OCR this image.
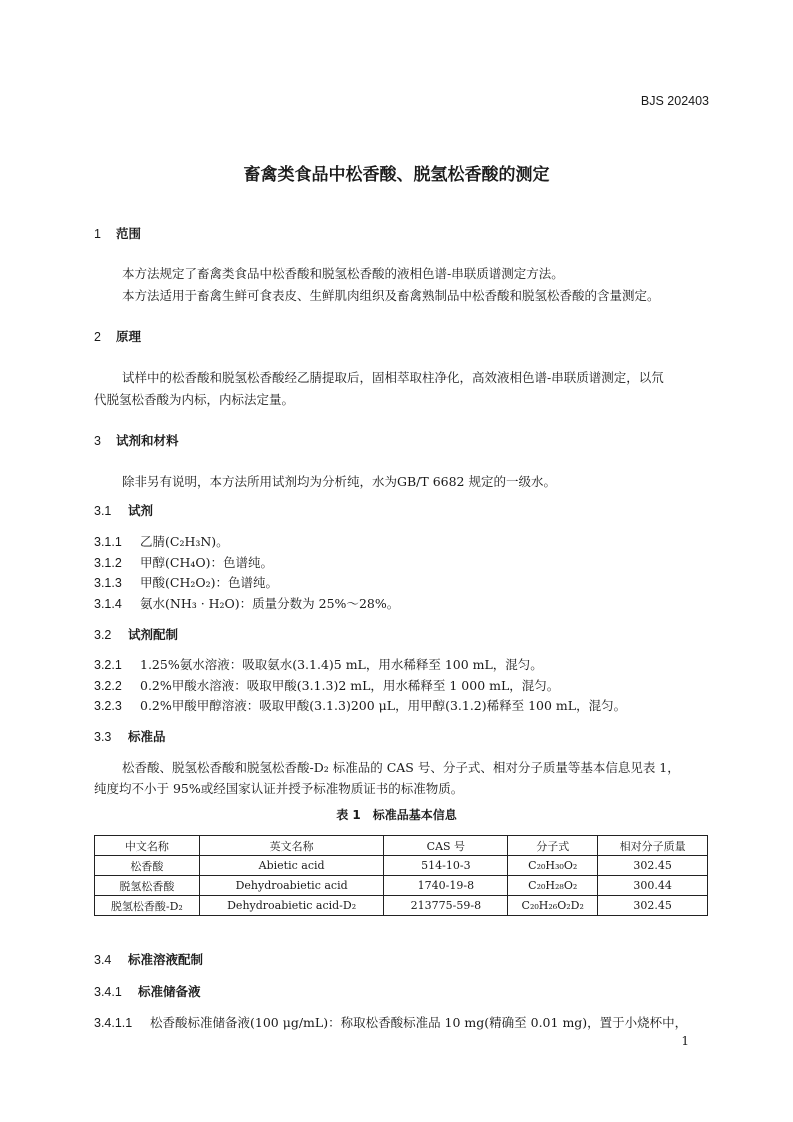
BJS 202403
畜禽类食品中松香酸、脱氢松香酸的测定
1 范围
本方法规定了畜禽类食品中松香酸和脱氢松香酸的液相色谱-串联质谱测定方法。
本方法适用于畜禽生鲜可食表皮、生鲜肌肉组织及畜禽熟制品中松香酸和脱氢松香酸的含量测定。
2 原理
试样中的松香酸和脱氢松香酸经乙腈提取后，固相萃取柱净化，高效液相色谱-串联质谱测定，以氘
代脱氢松香酸为内标，内标法定量。
3 试剂和材料
除非另有说明，本方法所用试剂均为分析纯，水为GB/T 6682 规定的一级水。
3.1 试剂
3.1.1 乙腈(C₂H₃N)。
3.1.2 甲醇(CH₄O)：色谱纯。
3.1.3 甲酸(CH₂O₂)：色谱纯。
3.1.4 氨水(NH₃ · H₂O)：质量分数为 25%～28%。
3.2 试剂配制
3.2.1 1.25%氨水溶液：吸取氨水(3.1.4)5 mL，用水稀释至 100 mL，混匀。
3.2.2 0.2%甲酸水溶液：吸取甲酸(3.1.3)2 mL，用水稀释至 1 000 mL，混匀。
3.2.3 0.2%甲酸甲醇溶液：吸取甲酸(3.1.3)200 μL，用甲醇(3.1.2)稀释至 100 mL，混匀。
3.3 标准品
松香酸、脱氢松香酸和脱氢松香酸-D₂ 标准品的 CAS 号、分子式、相对分子质量等基本信息见表 1，
纯度均不小于 95%或经国家认证并授予标准物质证书的标准物质。
表 1　标准品基本信息
中文名称	英文名称	CAS 号	分子式	相对分子质量
松香酸	Abietic acid	514-10-3	C₂₀H₃₀O₂	302.45
脱氢松香酸	Dehydroabietic acid	1740-19-8	C₂₀H₂₈O₂	300.44
脱氢松香酸-D₂	Dehydroabietic acid-D₂	213775-59-8	C₂₀H₂₆O₂D₂	302.45
3.4 标准溶液配制
3.4.1 标准储备液
3.4.1.1 松香酸标准储备液(100 μg/mL)：称取松香酸标准品 10 mg(精确至 0.01 mg)，置于小烧杯中，
1
